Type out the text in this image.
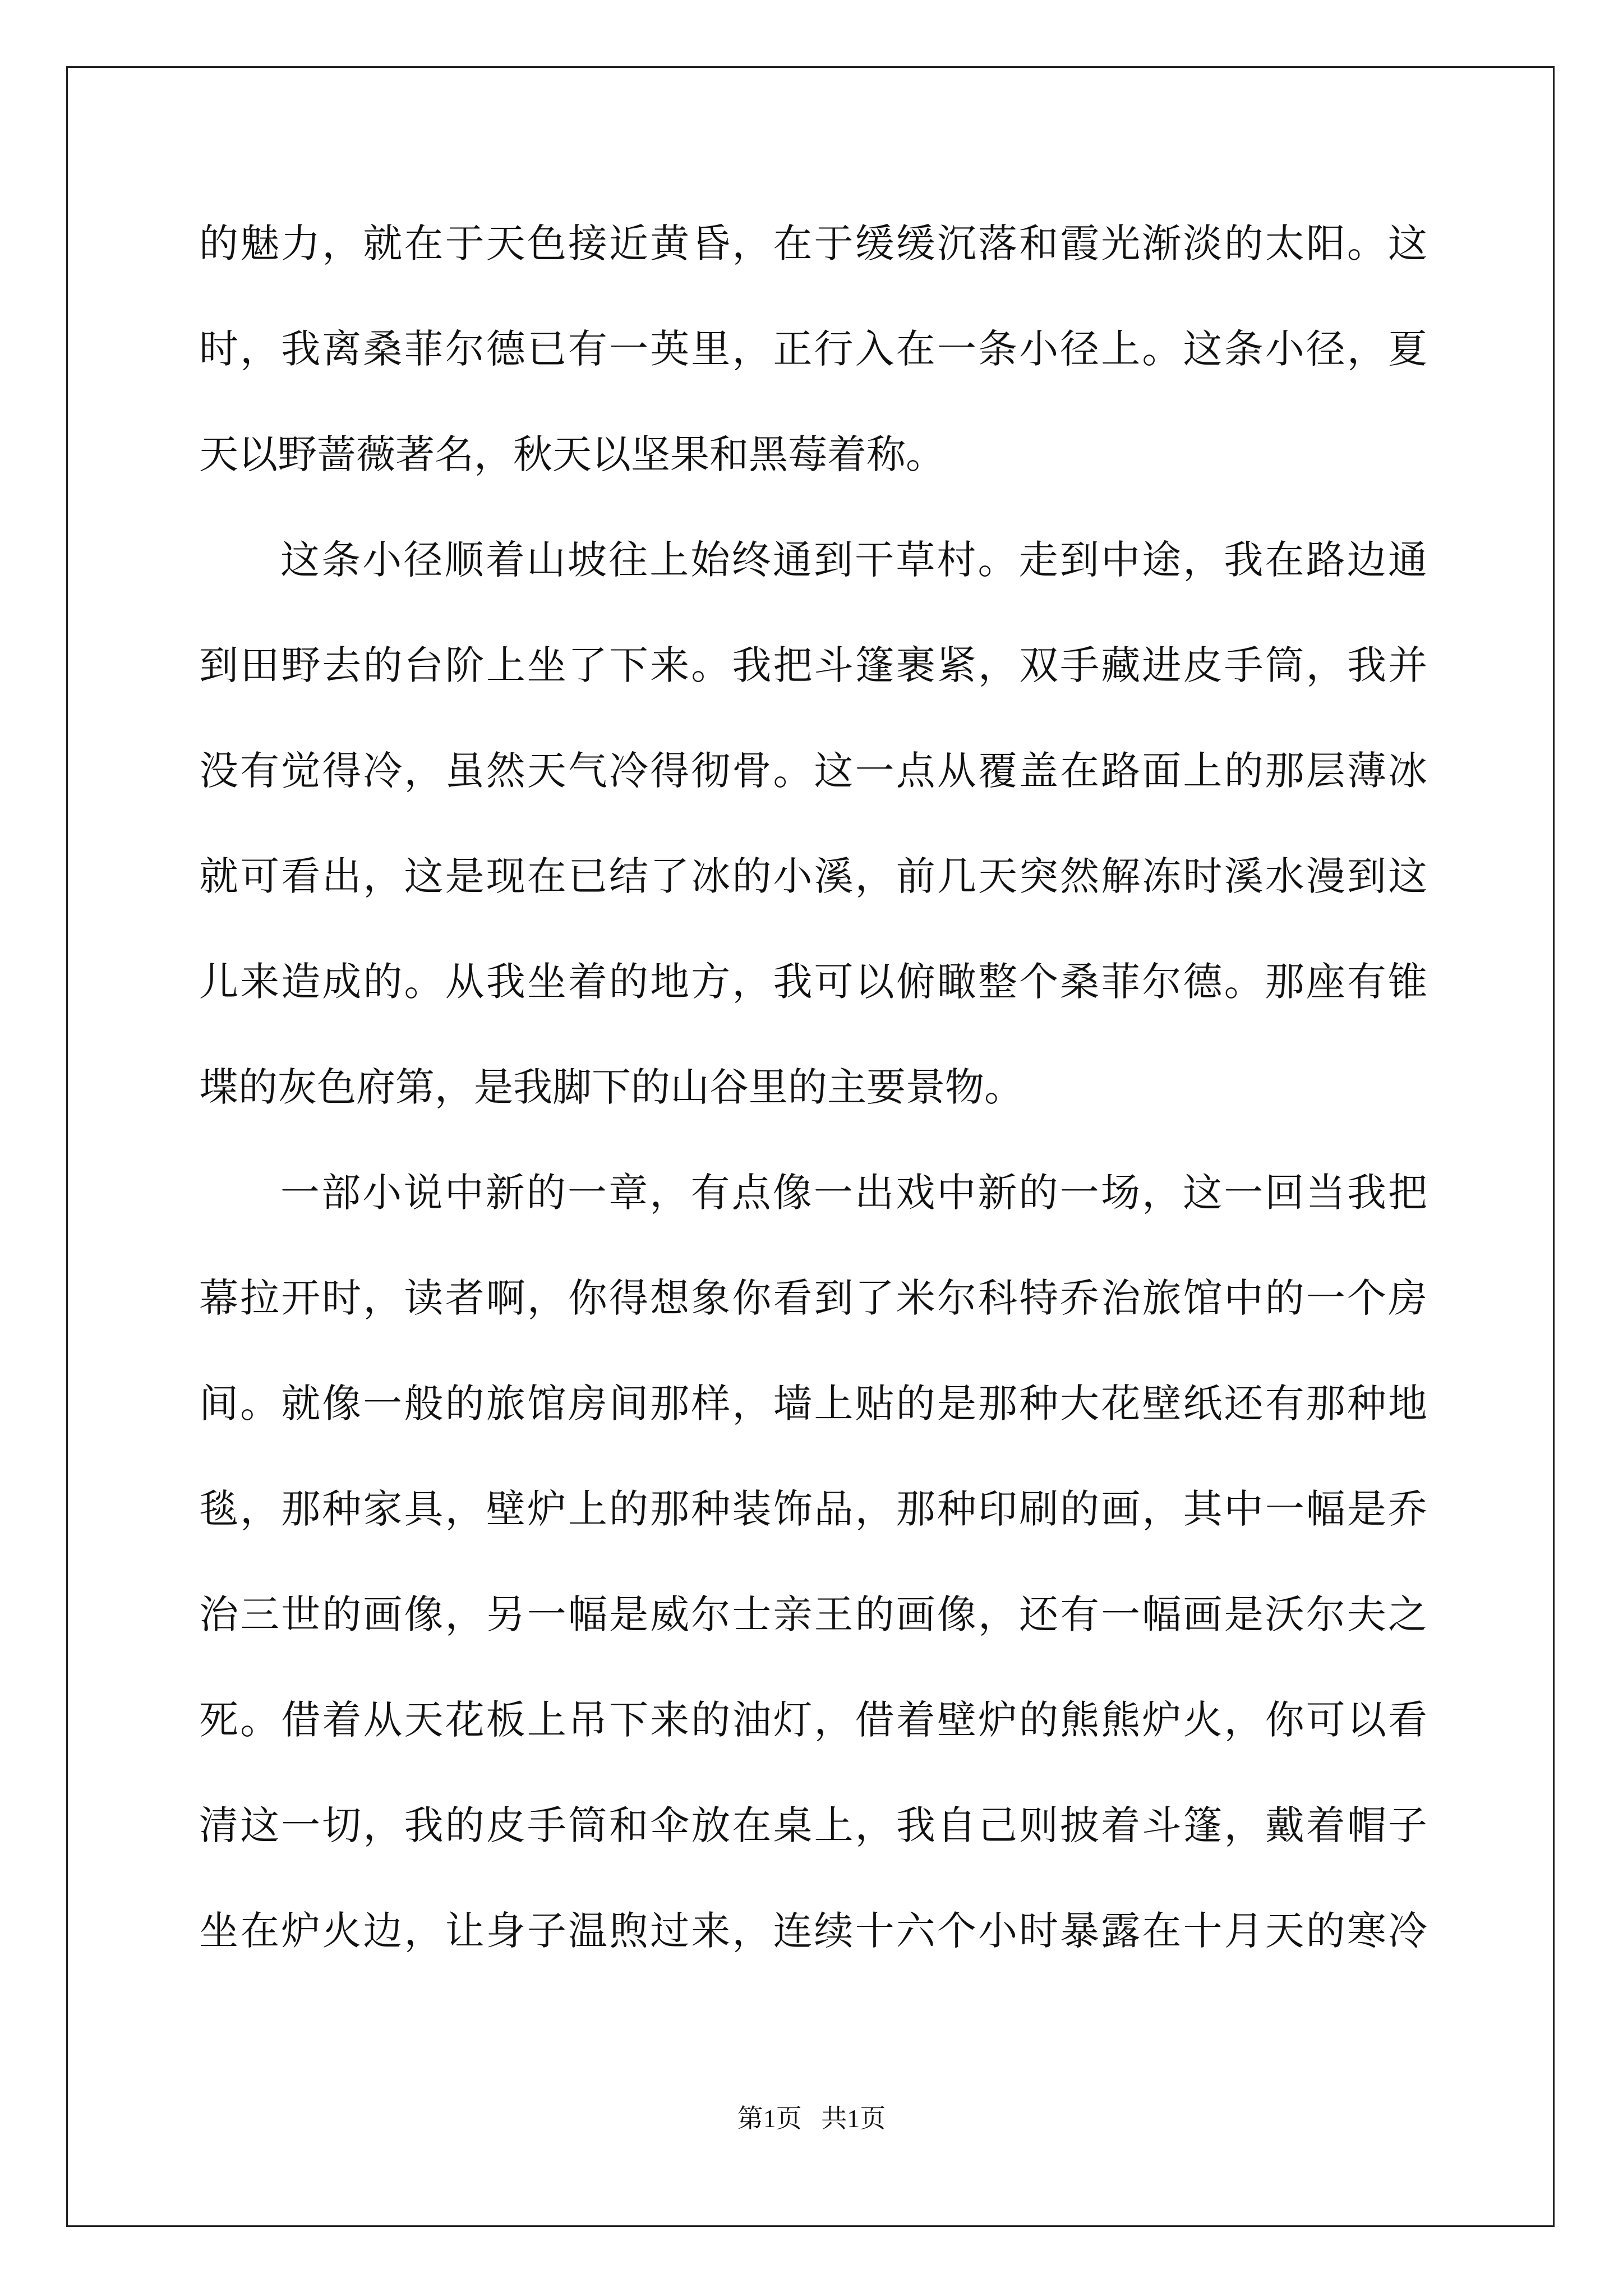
的魅力，就在于天色接近黄昏，在于缓缓沉落和霞光渐淡的太阳。这
时，我离桑菲尔德已有一英里，正行入在一条小径上。这条小径，夏
天以野蔷薇著名，秋天以坚果和黑莓着称。
这条小径顺着山坡往上始终通到干草村。走到中途，我在路边通
到田野去的台阶上坐了下来。我把斗篷裹紧，双手藏进皮手筒，我并
没有觉得冷，虽然天气冷得彻骨。这一点从覆盖在路面上的那层薄冰
就可看出，这是现在已结了冰的小溪，前几天突然解冻时溪水漫到这
儿来造成的。从我坐着的地方，我可以俯瞰整个桑菲尔德。那座有锥
堞的灰色府第，是我脚下的山谷里的主要景物。
一部小说中新的一章，有点像一出戏中新的一场，这一回当我把
幕拉开时，读者啊，你得想象你看到了米尔科特乔治旅馆中的一个房
间。就像一般的旅馆房间那样，墙上贴的是那种大花壁纸还有那种地
毯，那种家具，壁炉上的那种装饰品，那种印刷的画，其中一幅是乔
治三世的画像，另一幅是威尔士亲王的画像，还有一幅画是沃尔夫之
死。借着从天花板上吊下来的油灯，借着壁炉的熊熊炉火，你可以看
清这一切，我的皮手筒和伞放在桌上，我自己则披着斗篷，戴着帽子
坐在炉火边，让身子温煦过来，连续十六个小时暴露在十月天的寒冷
第1页   共1页
